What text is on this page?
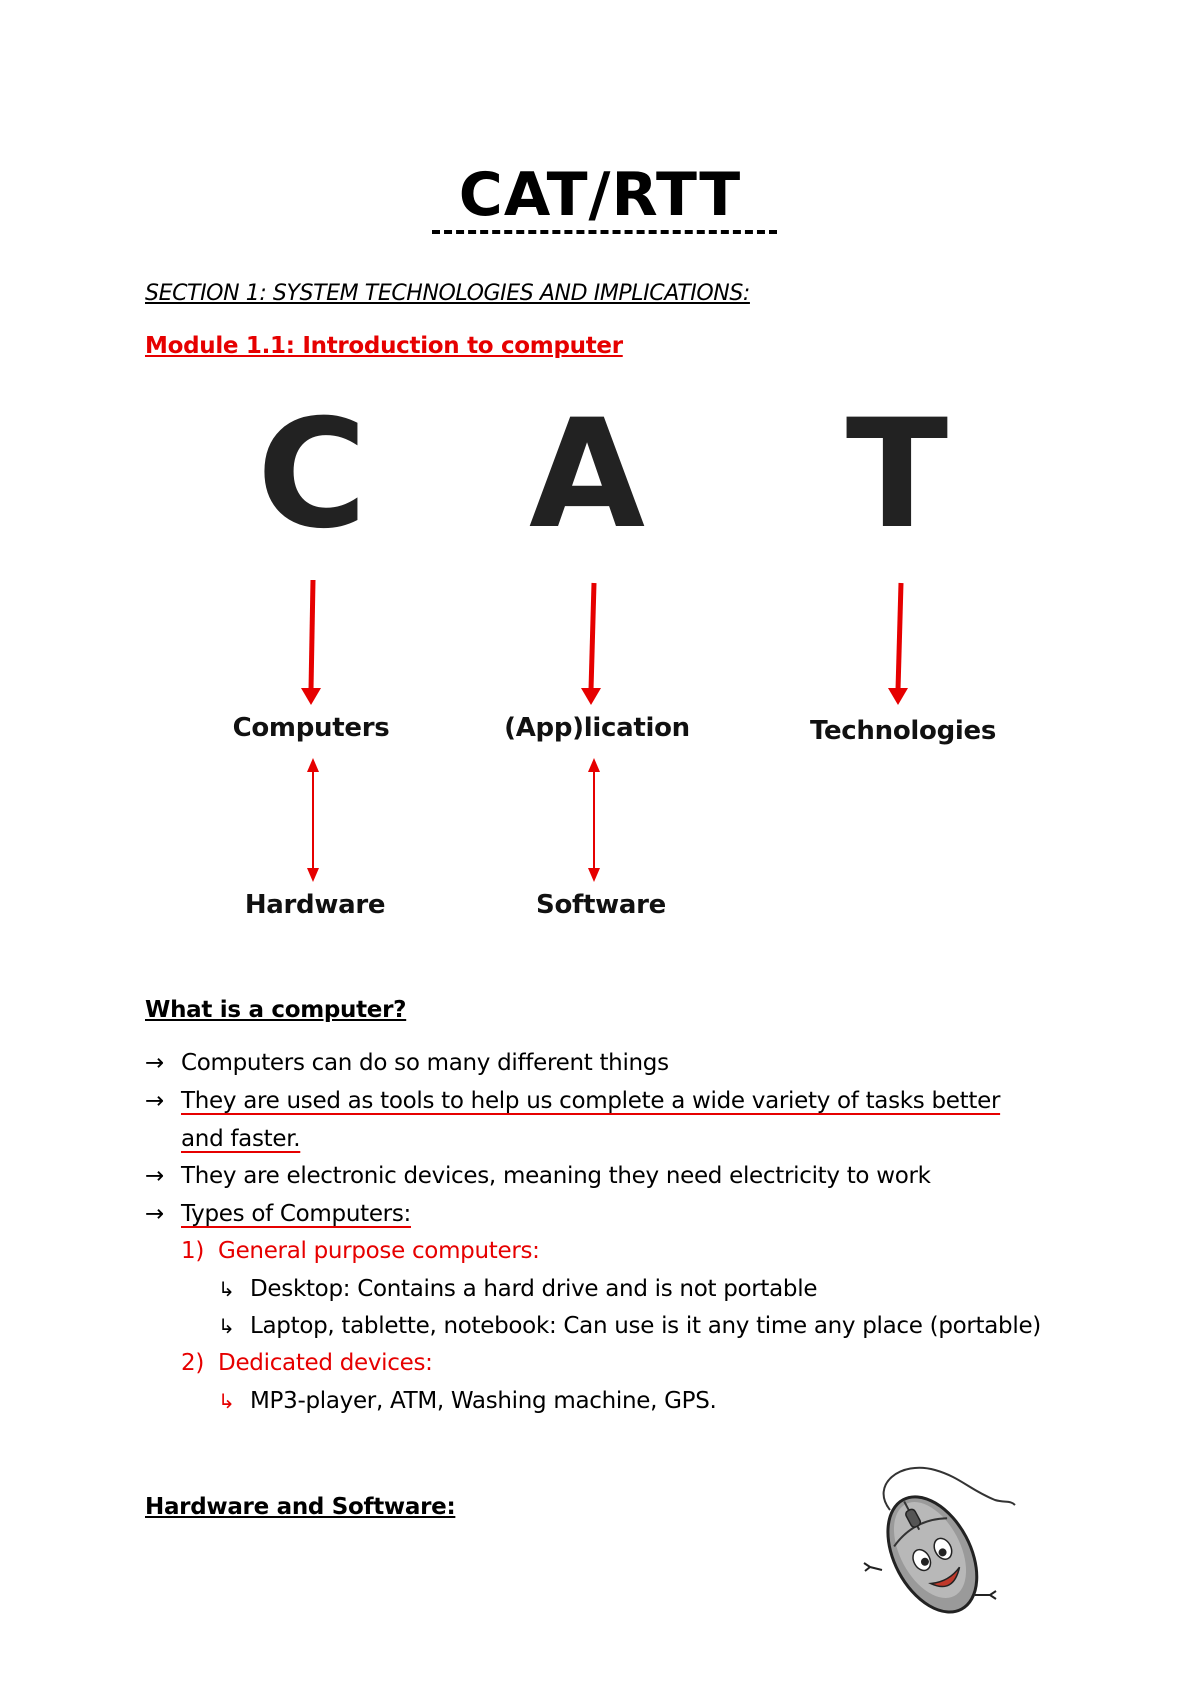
CAT/RTT
SECTION 1: SYSTEM TECHNOLOGIES AND IMPLICATIONS:
Module 1.1: Introduction to computer
C A	T
Computers	(App)lication	Technologies
Hardware	Software
What is a computer?
→ Computers can do so many different things
→ They are used as tools to help us complete a wide variety of tasks better
and faster.
→ They are electronic devices, meaning they need electricity to work
→ Types of Computers:
1) General purpose computers:
↳ Desktop: Contains a hard drive and is not portable
↳ Laptop, tablette, notebook: Can use is it any time any place (portable)
2) Dedicated devices:
↳ MP3-player, ATM, Washing machine, GPS.
Hardware and Software:
